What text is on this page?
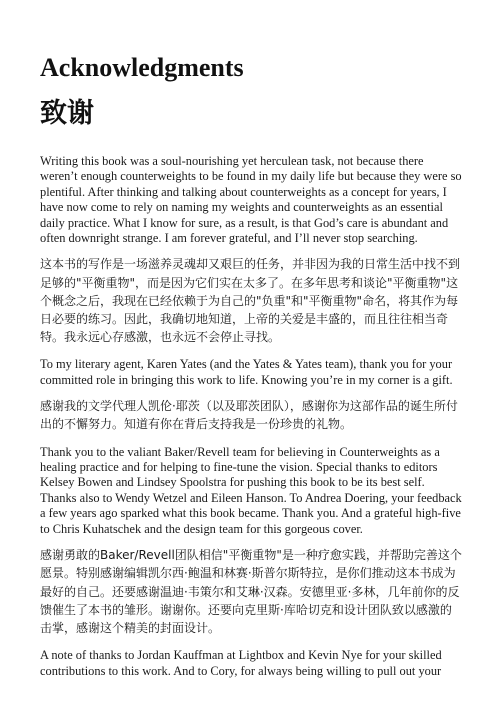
Acknowledgments
致谢

Writing this book was a soul-nourishing yet herculean task, not because there weren’t enough counterweights to be found in my daily life but because they were so plentiful. After thinking and talking about counterweights as a concept for years, I have now come to rely on naming my weights and counterweights as an essential daily practice. What I know for sure, as a result, is that God’s care is abundant and often downright strange. I am forever grateful, and I’ll never stop searching.

这本书的写作是一场滋养灵魂却又艰巨的任务，并非因为我的日常生活中找不到足够的"平衡重物"，而是因为它们实在太多了。在多年思考和谈论"平衡重物"这个概念之后，我现在已经依赖于为自己的"负重"和"平衡重物"命名，将其作为每日必要的练习。因此，我确切地知道，上帝的关爱是丰盛的，而且往往相当奇特。我永远心存感激，也永远不会停止寻找。

To my literary agent, Karen Yates (and the Yates & Yates team), thank you for your committed role in bringing this work to life. Knowing you’re in my corner is a gift.

感谢我的文学代理人凯伦·耶茨（以及耶茨团队），感谢你为这部作品的诞生所付出的不懈努力。知道有你在背后支持我是一份珍贵的礼物。

Thank you to the valiant Baker/Revell team for believing in Counterweights as a healing practice and for helping to fine-tune the vision. Special thanks to editors Kelsey Bowen and Lindsey Spoolstra for pushing this book to be its best self. Thanks also to Wendy Wetzel and Eileen Hanson. To Andrea Doering, your feedback a few years ago sparked what this book became. Thank you. And a grateful high-five to Chris Kuhatschek and the design team for this gorgeous cover.

感谢勇敢的Baker/Revell团队相信"平衡重物"是一种疗愈实践，并帮助完善这个愿景。特别感谢编辑凯尔西·鲍温和林赛·斯普尔斯特拉，是你们推动这本书成为最好的自己。还要感谢温迪·韦策尔和艾琳·汉森。安德里亚·多林，几年前你的反馈催生了本书的雏形。谢谢你。还要向克里斯·库哈切克和设计团队致以感激的击掌，感谢这个精美的封面设计。

A note of thanks to Jordan Kauffman at Lightbox and Kevin Nye for your skilled contributions to this work. And to Cory, for always being willing to pull out your
